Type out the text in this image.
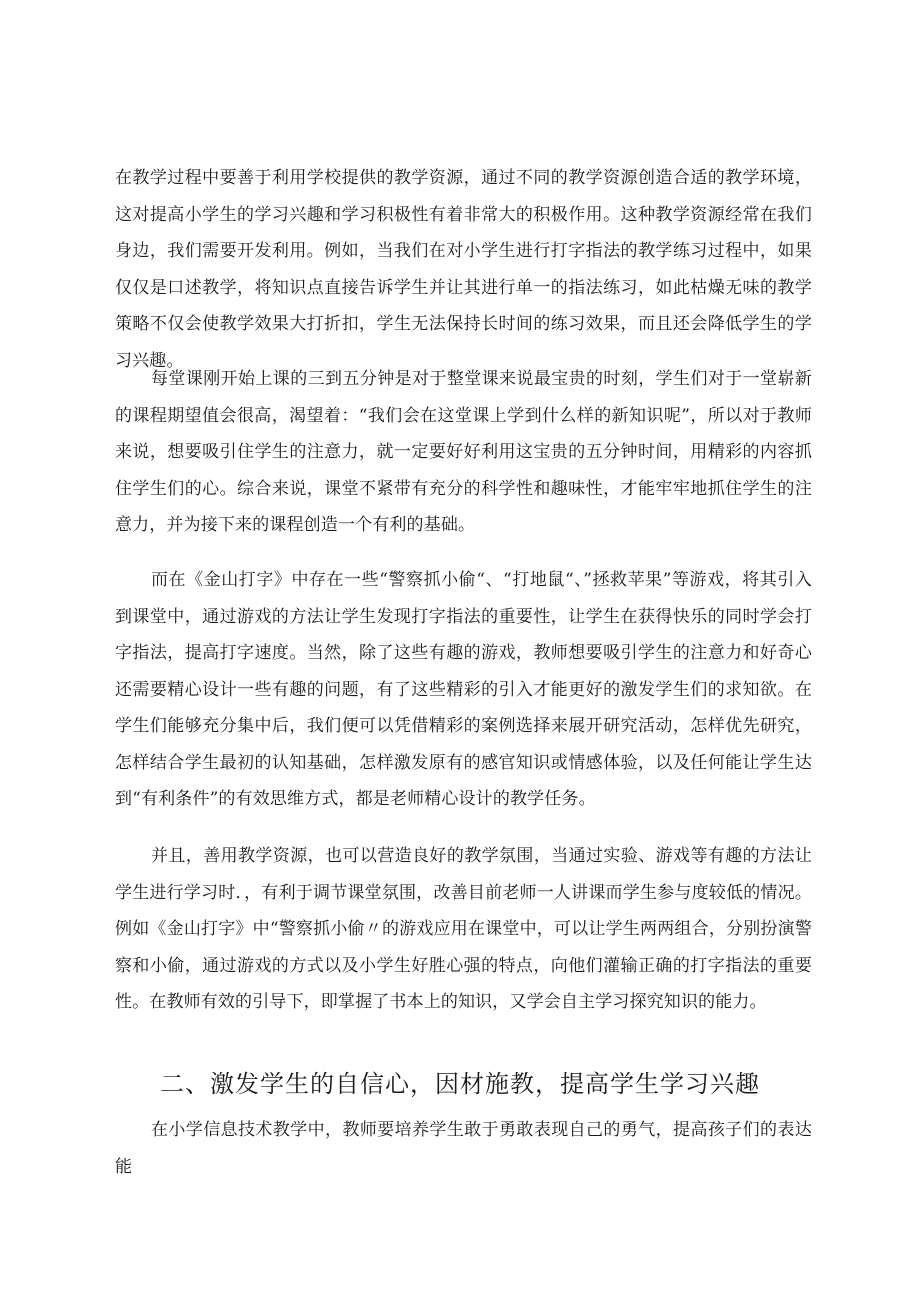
在教学过程中要善于利用学校提供的教学资源，通过不同的教学资源创造合适的教学环境，这对提高小学生的学习兴趣和学习积极性有着非常大的积极作用。这种教学资源经常在我们身边，我们需要开发利用。例如，当我们在对小学生进行打字指法的教学练习过程中，如果仅仅是口述教学，将知识点直接告诉学生并让其进行单一的指法练习，如此枯燥无味的教学策略不仅会使教学效果大打折扣，学生无法保持长时间的练习效果，而且还会降低学生的学习兴趣。

每堂课刚开始上课的三到五分钟是对于整堂课来说最宝贵的时刻，学生们对于一堂崭新的课程期望值会很高，渴望着：“我们会在这堂课上学到什么样的新知识呢”，所以对于教师来说，想要吸引住学生的注意力，就一定要好好利用这宝贵的五分钟时间，用精彩的内容抓住学生们的心。综合来说，课堂不紧带有充分的科学性和趣味性，才能牢牢地抓住学生的注意力，并为接下来的课程创造一个有利的基础。

而在《金山打字》中存在一些“警察抓小偷“、“打地鼠“、”拯救苹果”等游戏，将其引入到课堂中，通过游戏的方法让学生发现打字指法的重要性，让学生在获得快乐的同时学会打字指法，提高打字速度。当然，除了这些有趣的游戏，教师想要吸引学生的注意力和好奇心还需要精心设计一些有趣的问题，有了这些精彩的引入才能更好的激发学生们的求知欲。在学生们能够充分集中后，我们便可以凭借精彩的案例选择来展开研究活动，怎样优先研究，怎样结合学生最初的认知基础，怎样激发原有的感官知识或情感体验，以及任何能让学生达到“有利条件”的有效思维方式，都是老师精心设计的教学任务。

并且，善用教学资源，也可以营造良好的教学氛围，当通过实验、游戏等有趣的方法让学生进行学习时．，有利于调节课堂氛围，改善目前老师一人讲课而学生参与度较低的情况。例如《金山打字》中“警察抓小偷〃的游戏应用在课堂中，可以让学生两两组合，分别扮演警察和小偷，通过游戏的方式以及小学生好胜心强的特点，向他们灌输正确的打字指法的重要性。在教师有效的引导下，即掌握了书本上的知识，又学会自主学习探究知识的能力。

二、激发学生的自信心，因材施教，提高学生学习兴趣

在小学信息技术教学中，教师要培养学生敢于勇敢表现自己的勇气，提高孩子们的表达能
